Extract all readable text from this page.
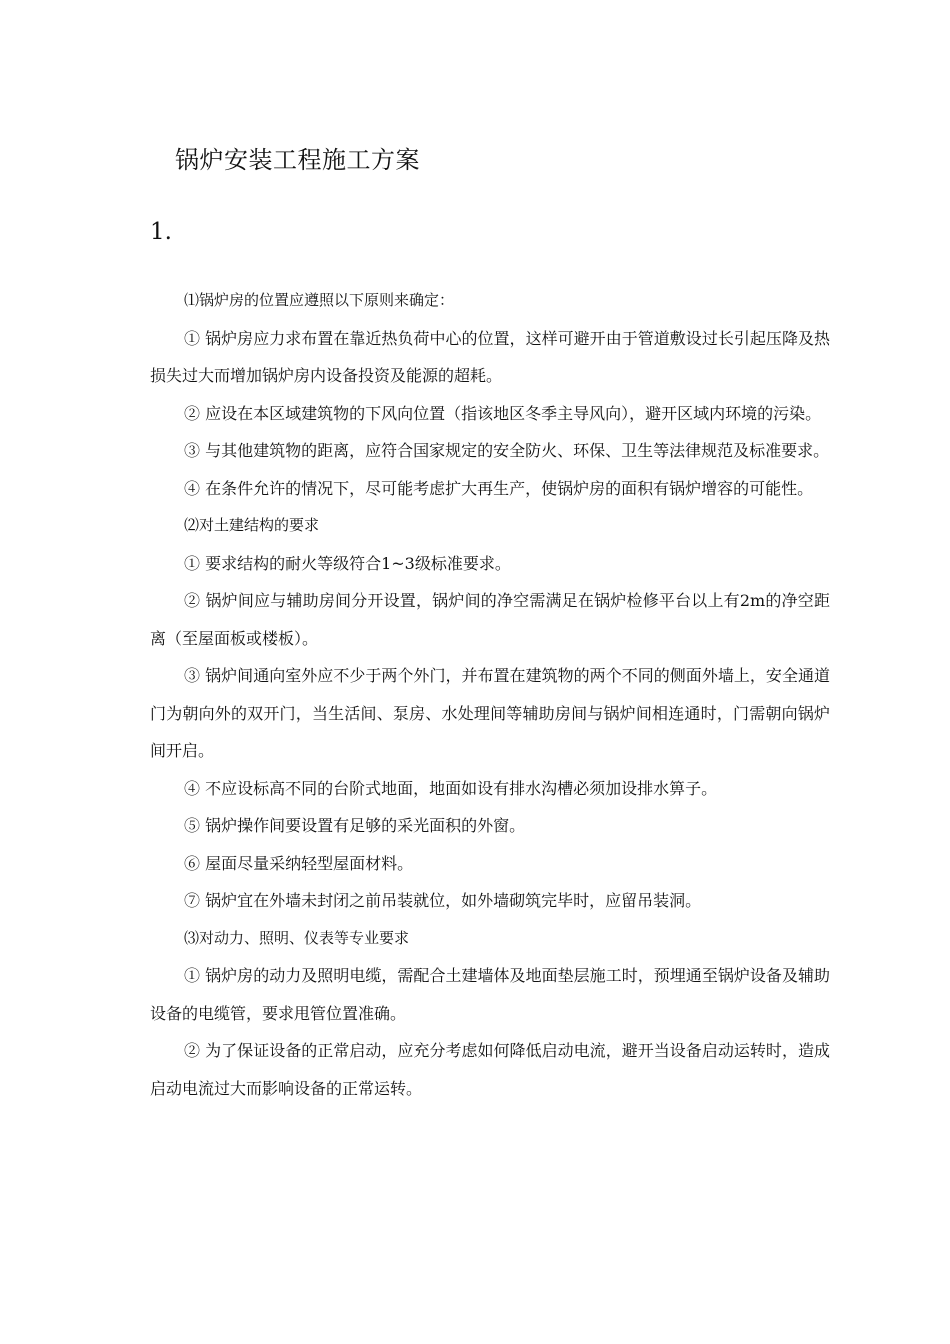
锅炉安装工程施工方案
1.

⑴锅炉房的位置应遵照以下原则来确定：

① 锅炉房应力求布置在靠近热负荷中心的位置，这样可避开由于管道敷设过长引起压降及热损失过大而增加锅炉房内设备投资及能源的超耗。

② 应设在本区域建筑物的下风向位置（指该地区冬季主导风向），避开区域内环境的污染。

③ 与其他建筑物的距离，应符合国家规定的安全防火、环保、卫生等法律规范及标准要求。

④ 在条件允许的情况下，尽可能考虑扩大再生产，使锅炉房的面积有锅炉增容的可能性。

⑵对土建结构的要求

① 要求结构的耐火等级符合1~3级标准要求。

② 锅炉间应与辅助房间分开设置，锅炉间的净空需满足在锅炉检修平台以上有2m的净空距离（至屋面板或楼板）。

③ 锅炉间通向室外应不少于两个外门，并布置在建筑物的两个不同的侧面外墙上，安全通道门为朝向外的双开门，当生活间、泵房、水处理间等辅助房间与锅炉间相连通时，门需朝向锅炉间开启。

④ 不应设标高不同的台阶式地面，地面如设有排水沟槽必须加设排水箅子。

⑤ 锅炉操作间要设置有足够的采光面积的外窗。

⑥ 屋面尽量采纳轻型屋面材料。

⑦ 锅炉宜在外墙未封闭之前吊装就位，如外墙砌筑完毕时，应留吊装洞。

⑶对动力、照明、仪表等专业要求

① 锅炉房的动力及照明电缆，需配合土建墙体及地面垫层施工时，预埋通至锅炉设备及辅助设备的电缆管，要求甩管位置准确。

② 为了保证设备的正常启动，应充分考虑如何降低启动电流，避开当设备启动运转时，造成启动电流过大而影响设备的正常运转。
